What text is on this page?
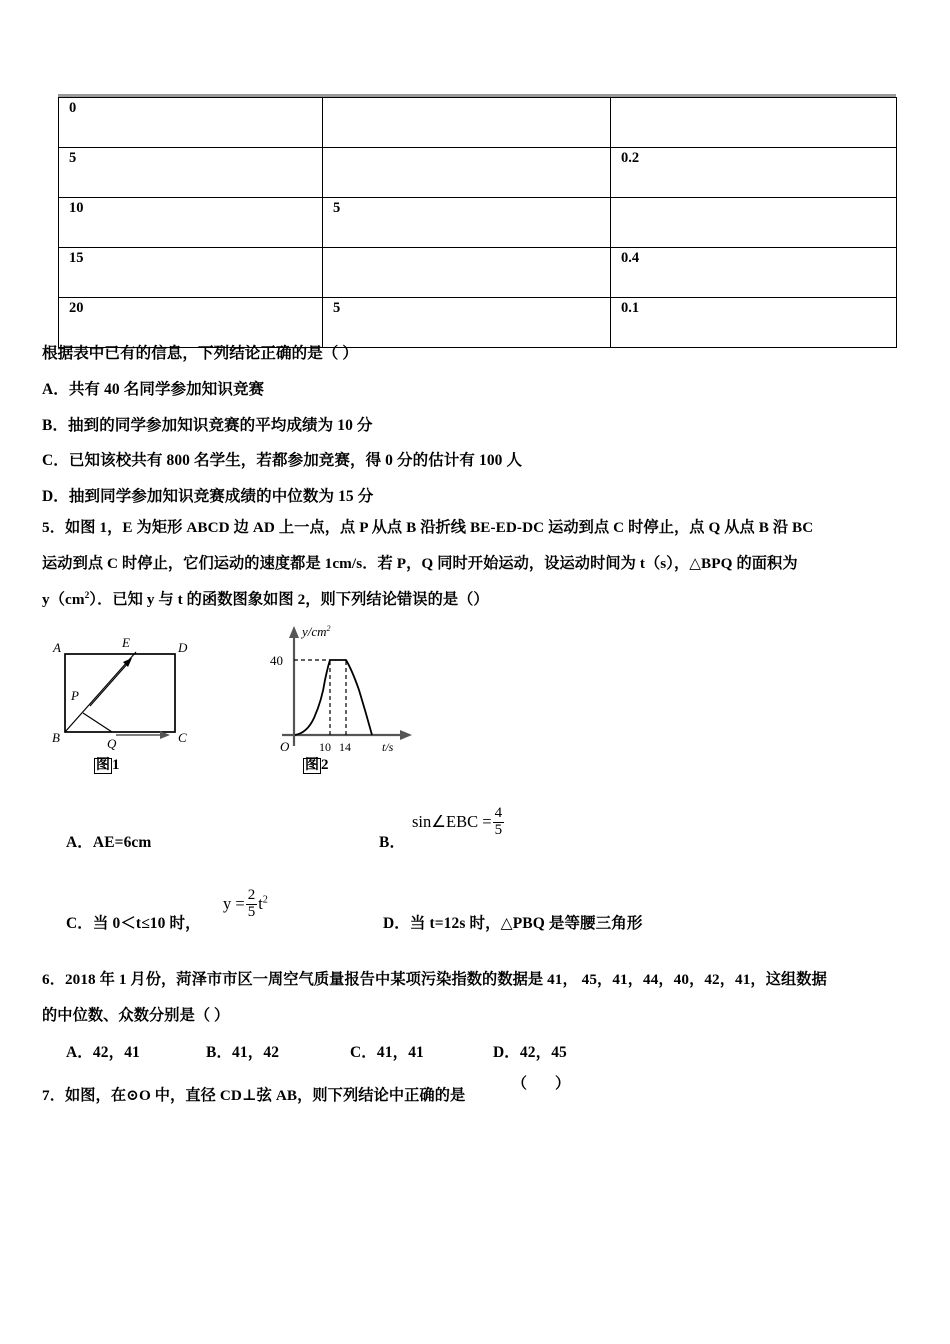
0		
5		0.2
10	5	
15		0.4
20	5	0.1
根据表中已有的信息，下列结论正确的是（ ）
A．共有 40 名同学参加知识竞赛
B．抽到的同学参加知识竞赛的平均成绩为 10 分
C．已知该校共有 800 名学生，若都参加竞赛，得 0 分的估计有 100 人
D．抽到同学参加知识竞赛成绩的中位数为 15 分
5．如图 1，E 为矩形 ABCD 边 AD 上一点，点 P 从点 B 沿折线 BE‑ED‑DC 运动到点 C 时停止，点 Q 从点 B 沿 BC
运动到点 C 时停止，它们运动的速度都是 1cm/s．若 P，Q 同时开始运动，设运动时间为 t（s），△BPQ 的面积为
$y(cm^2)$．已知 y 与 t 的函数图象如图 2，则下列结论错误的是（）
A	E	D
P
B	Q	C
图 1
$y/cm^2$
40
O 10 14	t/s
图 2
A．AE=6cm	B．
sin∠EBC = $\frac{4}{5}$
C．当 0＜t≤10 时，
$y = \frac{2}{5} t^2$
D．当 t=12s 时，△PBQ 是等腰三角形
6．2018 年 1 月份，菏泽市市区一周空气质量报告中某项污染指数的数据是 41， 45，41，44，40，42，41，这组数据
的中位数、众数分别是（ ）
A．42，41	B．41，42	C．41，41	D．42，45
7．如图，在⊙O 中，直径 CD⊥弦 AB，则下列结论中正确的是
（ ）
